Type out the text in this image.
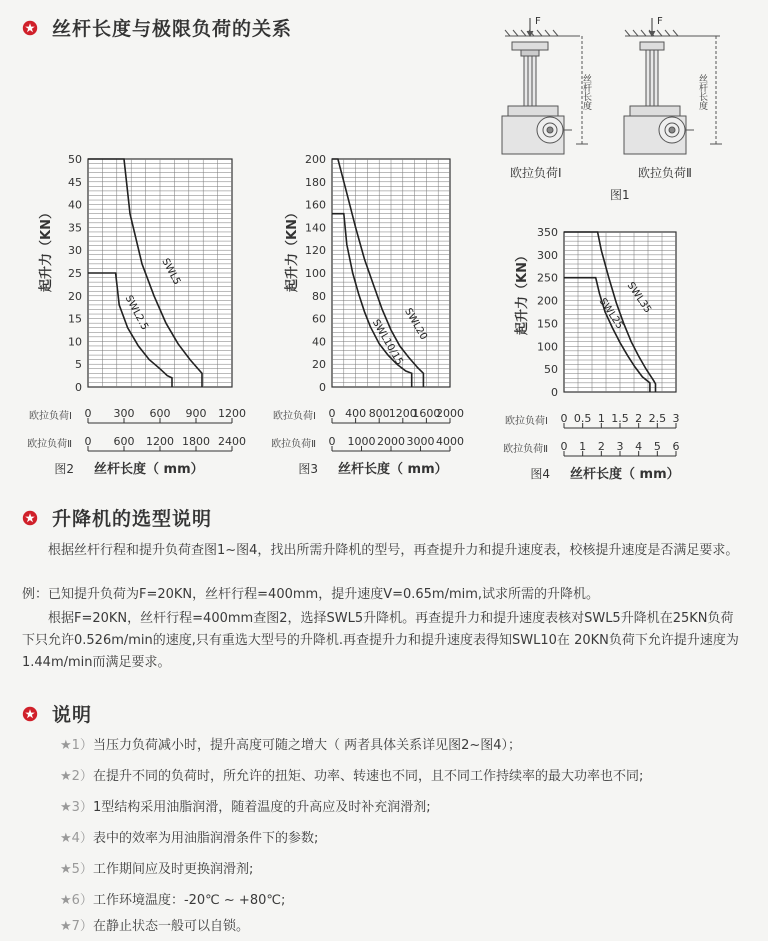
丝杆长度与极限负荷的关系	F
丝杆长度
F
丝杆长度
欧拉负荷Ⅰ	欧拉负荷Ⅱ
图1
0
5
10
15
20
25
30
35
40
45
50
起升力（KN）	SWL5
SWL2.5
欧拉负荷Ⅰ 0 300 600 900 1200
欧拉负荷Ⅱ 0 600 1200 1800 2400
图2 丝杆长度（ mm）
0
20
40
60
80
100
120
140
160
180
200
起升力（KN）
SWL20
SWL10/15
欧拉负荷Ⅰ 0 400 800 1200
1600
2000
欧拉负荷Ⅱ 0 1000 2000 3000 4000
图3 丝杆长度（ mm）
0
50
100
150
200
250
300
350
起升力（KN）	SWL35
SWL25
欧拉负荷Ⅰ 0 0.5 1 1.5 2 2.5 3
欧拉负荷Ⅱ 0 1 2 3 4 5 6
图4 丝杆长度（ mm）
升降机的选型说明
根据丝杆行程和提升负荷查图1~图4，找出所需升降机的型号，再查提升力和提升速度表，校核提升速度是否满足要求。
例：已知提升负荷为F=20KN，丝杆行程=400mm，提升速度V=0.65m/mim,试求所需的升降机。
根据F=20KN，丝杆行程=400mm查图2，选择SWL5升降机。再查提升力和提升速度表核对SWL5升降机在25KN负荷下只允许0.526m/min的速度,只有重选大型号的升降机.再查提升力和提升速度表得知SWL10在 20KN负荷下允许提升速度为1.44m/min而满足要求。
说明
★1）当压力负荷减小时，提升高度可随之增大（ 两者具体关系详见图2~图4）；
★2）在提升不同的负荷时，所允许的扭矩、功率、转速也不同，且不同工作持续率的最大功率也不同;
★3）1型结构采用油脂润滑，随着温度的升高应及时补充润滑剂;
★4）表中的效率为用油脂润滑条件下的参数;
★5）工作期间应及时更换润滑剂;
★6）工作环境温度：-20℃ ~ +80℃;
★7）在静止状态一般可以自锁。
